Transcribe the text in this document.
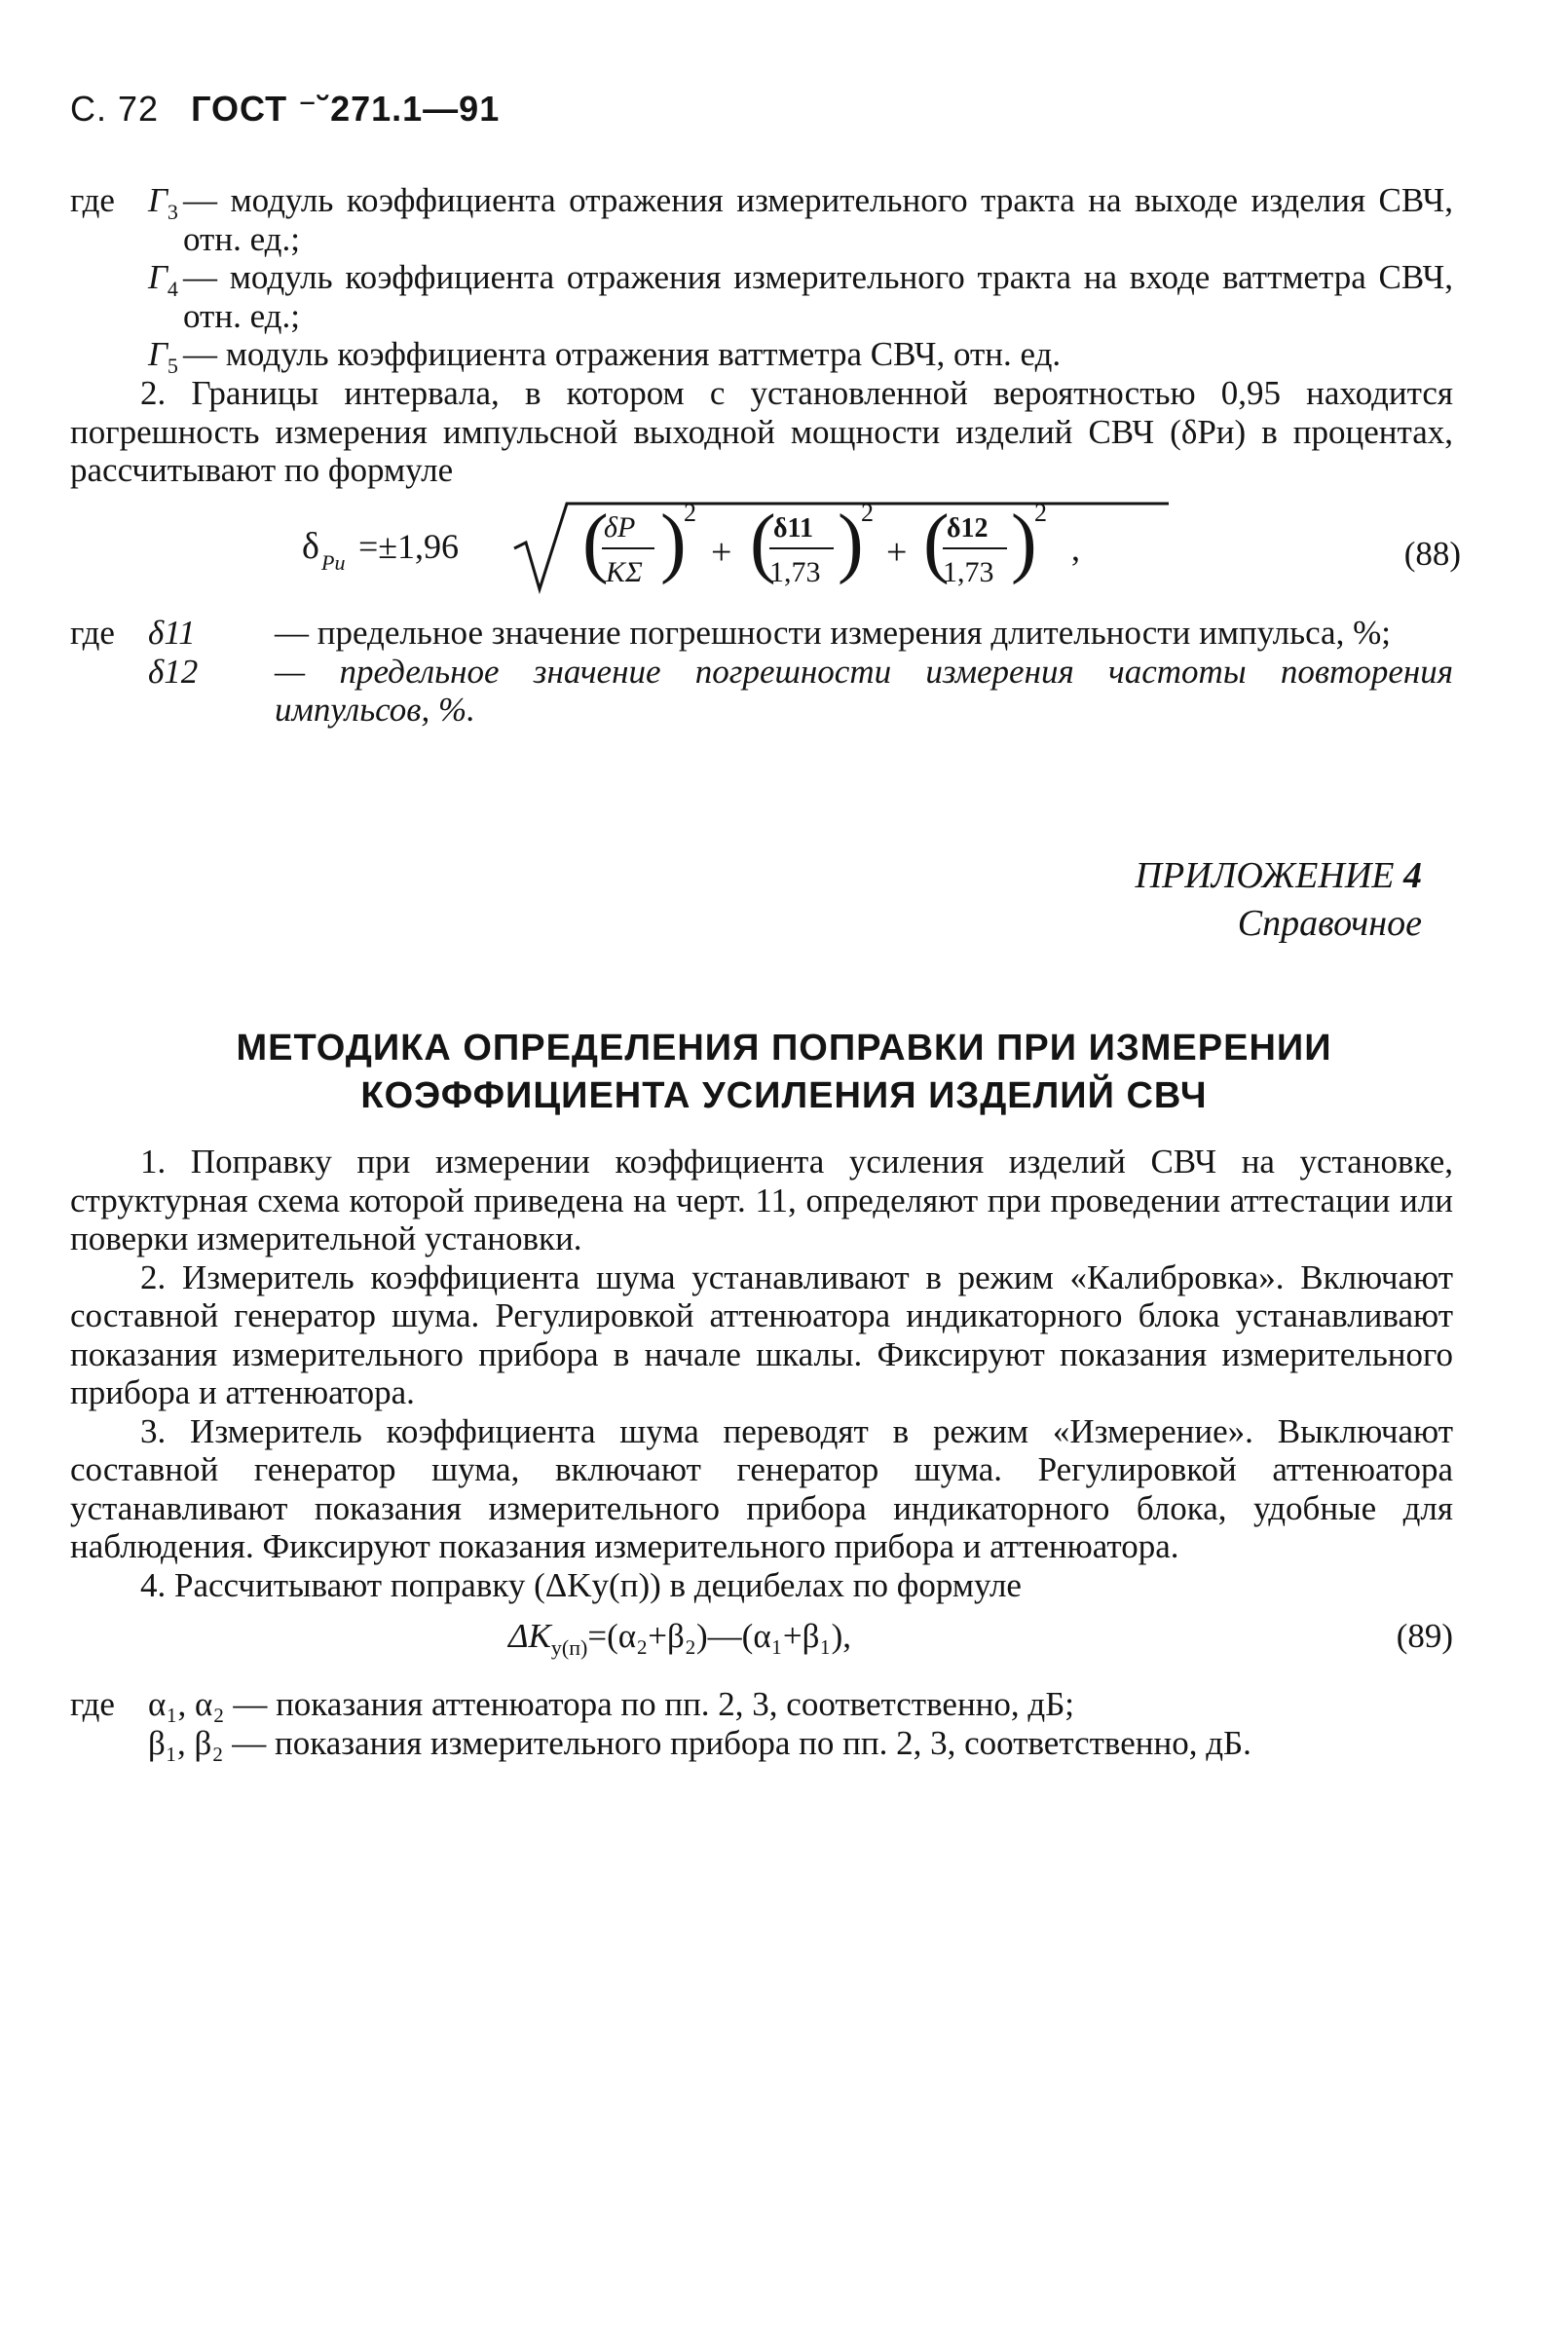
С. 72 ГОСТ ⁻˘271.1—91
где $Г_3$ — модуль коэффициента отражения измерительного тракта на выходе изделия СВЧ, отн. ед.;
$Г_4$ — модуль коэффициента отражения измерительного тракта на входе ваттметра СВЧ, отн. ед.;
$Г_5$ — модуль коэффициента отражения ваттметра СВЧ, отн. ед.
2. Границы интервала, в котором с установленной вероятностью 0,95 находится погрешность измерения импульсной выходной мощности изделий СВЧ (δPи) в процентах, рассчитывают по формуле
δ Pи =±1,96 (
δP
KΣ )
2
+ (
δ11
1,73 )
2
+ (
δ12
1,73 )
2
,	(88)
где δ11	— предельное значение погрешности измерения длительности импульса, %;
δ12	— предельное значение погрешности измерения частоты повторения импульсов, %.
ПРИЛОЖЕНИЕ 4
Справочное
МЕТОДИКА ОПРЕДЕЛЕНИЯ ПОПРАВКИ ПРИ ИЗМЕРЕНИИ
КОЭФФИЦИЕНТА УСИЛЕНИЯ ИЗДЕЛИЙ СВЧ

1. Поправку при измерении коэффициента усиления изделий СВЧ на установке, структурная схема которой приведена на черт. 11, определяют при проведении аттестации или поверки измерительной установки.

2. Измеритель коэффициента шума устанавливают в режим «Калибровка». Включают составной генератор шума. Регулировкой аттенюатора индикаторного блока устанавливают показания измерительного прибора в начале шкалы. Фиксируют показания измерительного прибора и аттенюатора.

3. Измеритель коэффициента шума переводят в режим «Измерение». Выключают составной генератор шума, включают генератор шума. Регулировкой аттенюатора устанавливают показания измерительного прибора индикаторного блока, удобные для наблюдения. Фиксируют показания измерительного прибора и аттенюатора.

4. Рассчитывают поправку (ΔKу(п)) в децибелах по формуле

$\Delta K_{у(п)}=(\alpha_2+\beta_2)—(\alpha_1+\beta_1)$,	(89)
где α₁, α₂ — показания аттенюатора по пп. 2, 3, соответственно, дБ;
β₁, β₂ — показания измерительного прибора по пп. 2, 3, соответственно, дБ.
